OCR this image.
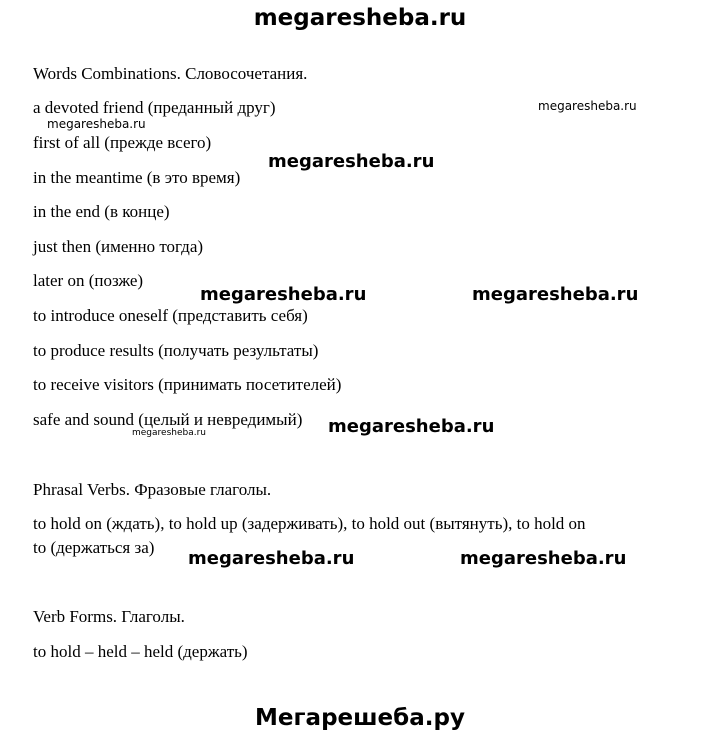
megaresheba.ru
Words Combinations. Словосочетания.
a devoted friend (преданный друг)
first of all (прежде всего)
in the meantime (в это время)
in the end (в конце)
just then (именно тогда)
later on (позже)
to introduce oneself (представить себя)
to produce results (получать результаты)
to receive visitors (принимать посетителей)
safe and sound (целый и невредимый)
Phrasal Verbs. Фразовые глаголы.
to hold on (ждать), to hold up (задерживать), to hold out (вытянуть), to hold on
to (держаться за)
Verb Forms. Глаголы.
to hold – held – held (держать)
megaresheba.ru
megaresheba.ru
megaresheba.ru
megaresheba.ru	megaresheba.ru
megaresheba.ru
megaresheba.ru
megaresheba.ru	megaresheba.ru
Мегарешеба.ру
